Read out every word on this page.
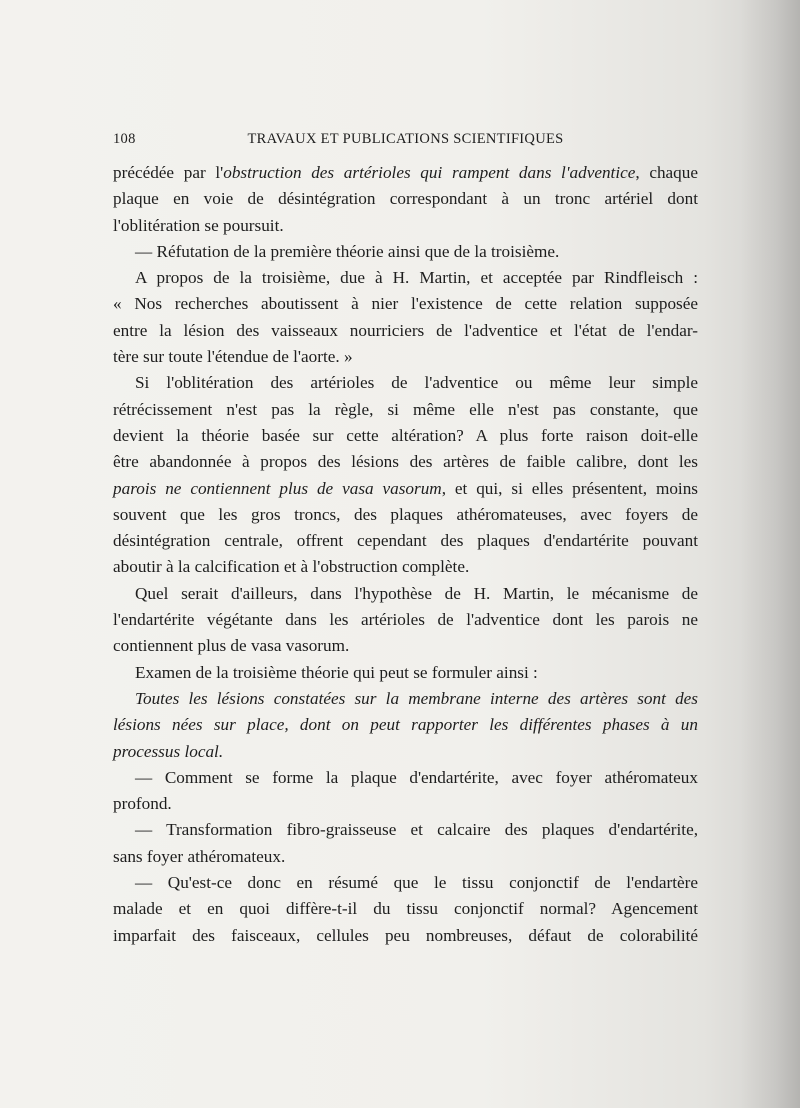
108	TRAVAUX ET PUBLICATIONS SCIENTIFIQUES
précédée par l'obstruction des artérioles qui rampent dans l'adventice, chaque
plaque en voie de désintégration correspondant à un tronc artériel dont
l'oblitération se poursuit.
— Réfutation de la première théorie ainsi que de la troisième.
A propos de la troisième, due à H. Martin, et acceptée par Rindfleisch :
« Nos recherches aboutissent à nier l'existence de cette relation supposée
entre la lésion des vaisseaux nourriciers de l'adventice et l'état de l'endar-
tère sur toute l'étendue de l'aorte. »
Si l'oblitération des artérioles de l'adventice ou même leur simple
rétrécissement n'est pas la règle, si même elle n'est pas constante, que
devient la théorie basée sur cette altération? A plus forte raison doit-elle
être abandonnée à propos des lésions des artères de faible calibre, dont les
parois ne contiennent plus de vasa vasorum, et qui, si elles présentent, moins
souvent que les gros troncs, des plaques athéromateuses, avec foyers de
désintégration centrale, offrent cependant des plaques d'endartérite pouvant
aboutir à la calcification et à l'obstruction complète.
Quel serait d'ailleurs, dans l'hypothèse de H. Martin, le mécanisme de
l'endartérite végétante dans les artérioles de l'adventice dont les parois ne
contiennent plus de vasa vasorum.
Examen de la troisième théorie qui peut se formuler ainsi :
Toutes les lésions constatées sur la membrane interne des artères sont des
lésions nées sur place, dont on peut rapporter les différentes phases à un
processus local.
— Comment se forme la plaque d'endartérite, avec foyer athéromateux
profond.
— Transformation fibro-graisseuse et calcaire des plaques d'endartérite,
sans foyer athéromateux.
— Qu'est-ce donc en résumé que le tissu conjonctif de l'endartère
malade et en quoi diffère-t-il du tissu conjonctif normal? Agencement
imparfait des faisceaux, cellules peu nombreuses, défaut de colorabilité
